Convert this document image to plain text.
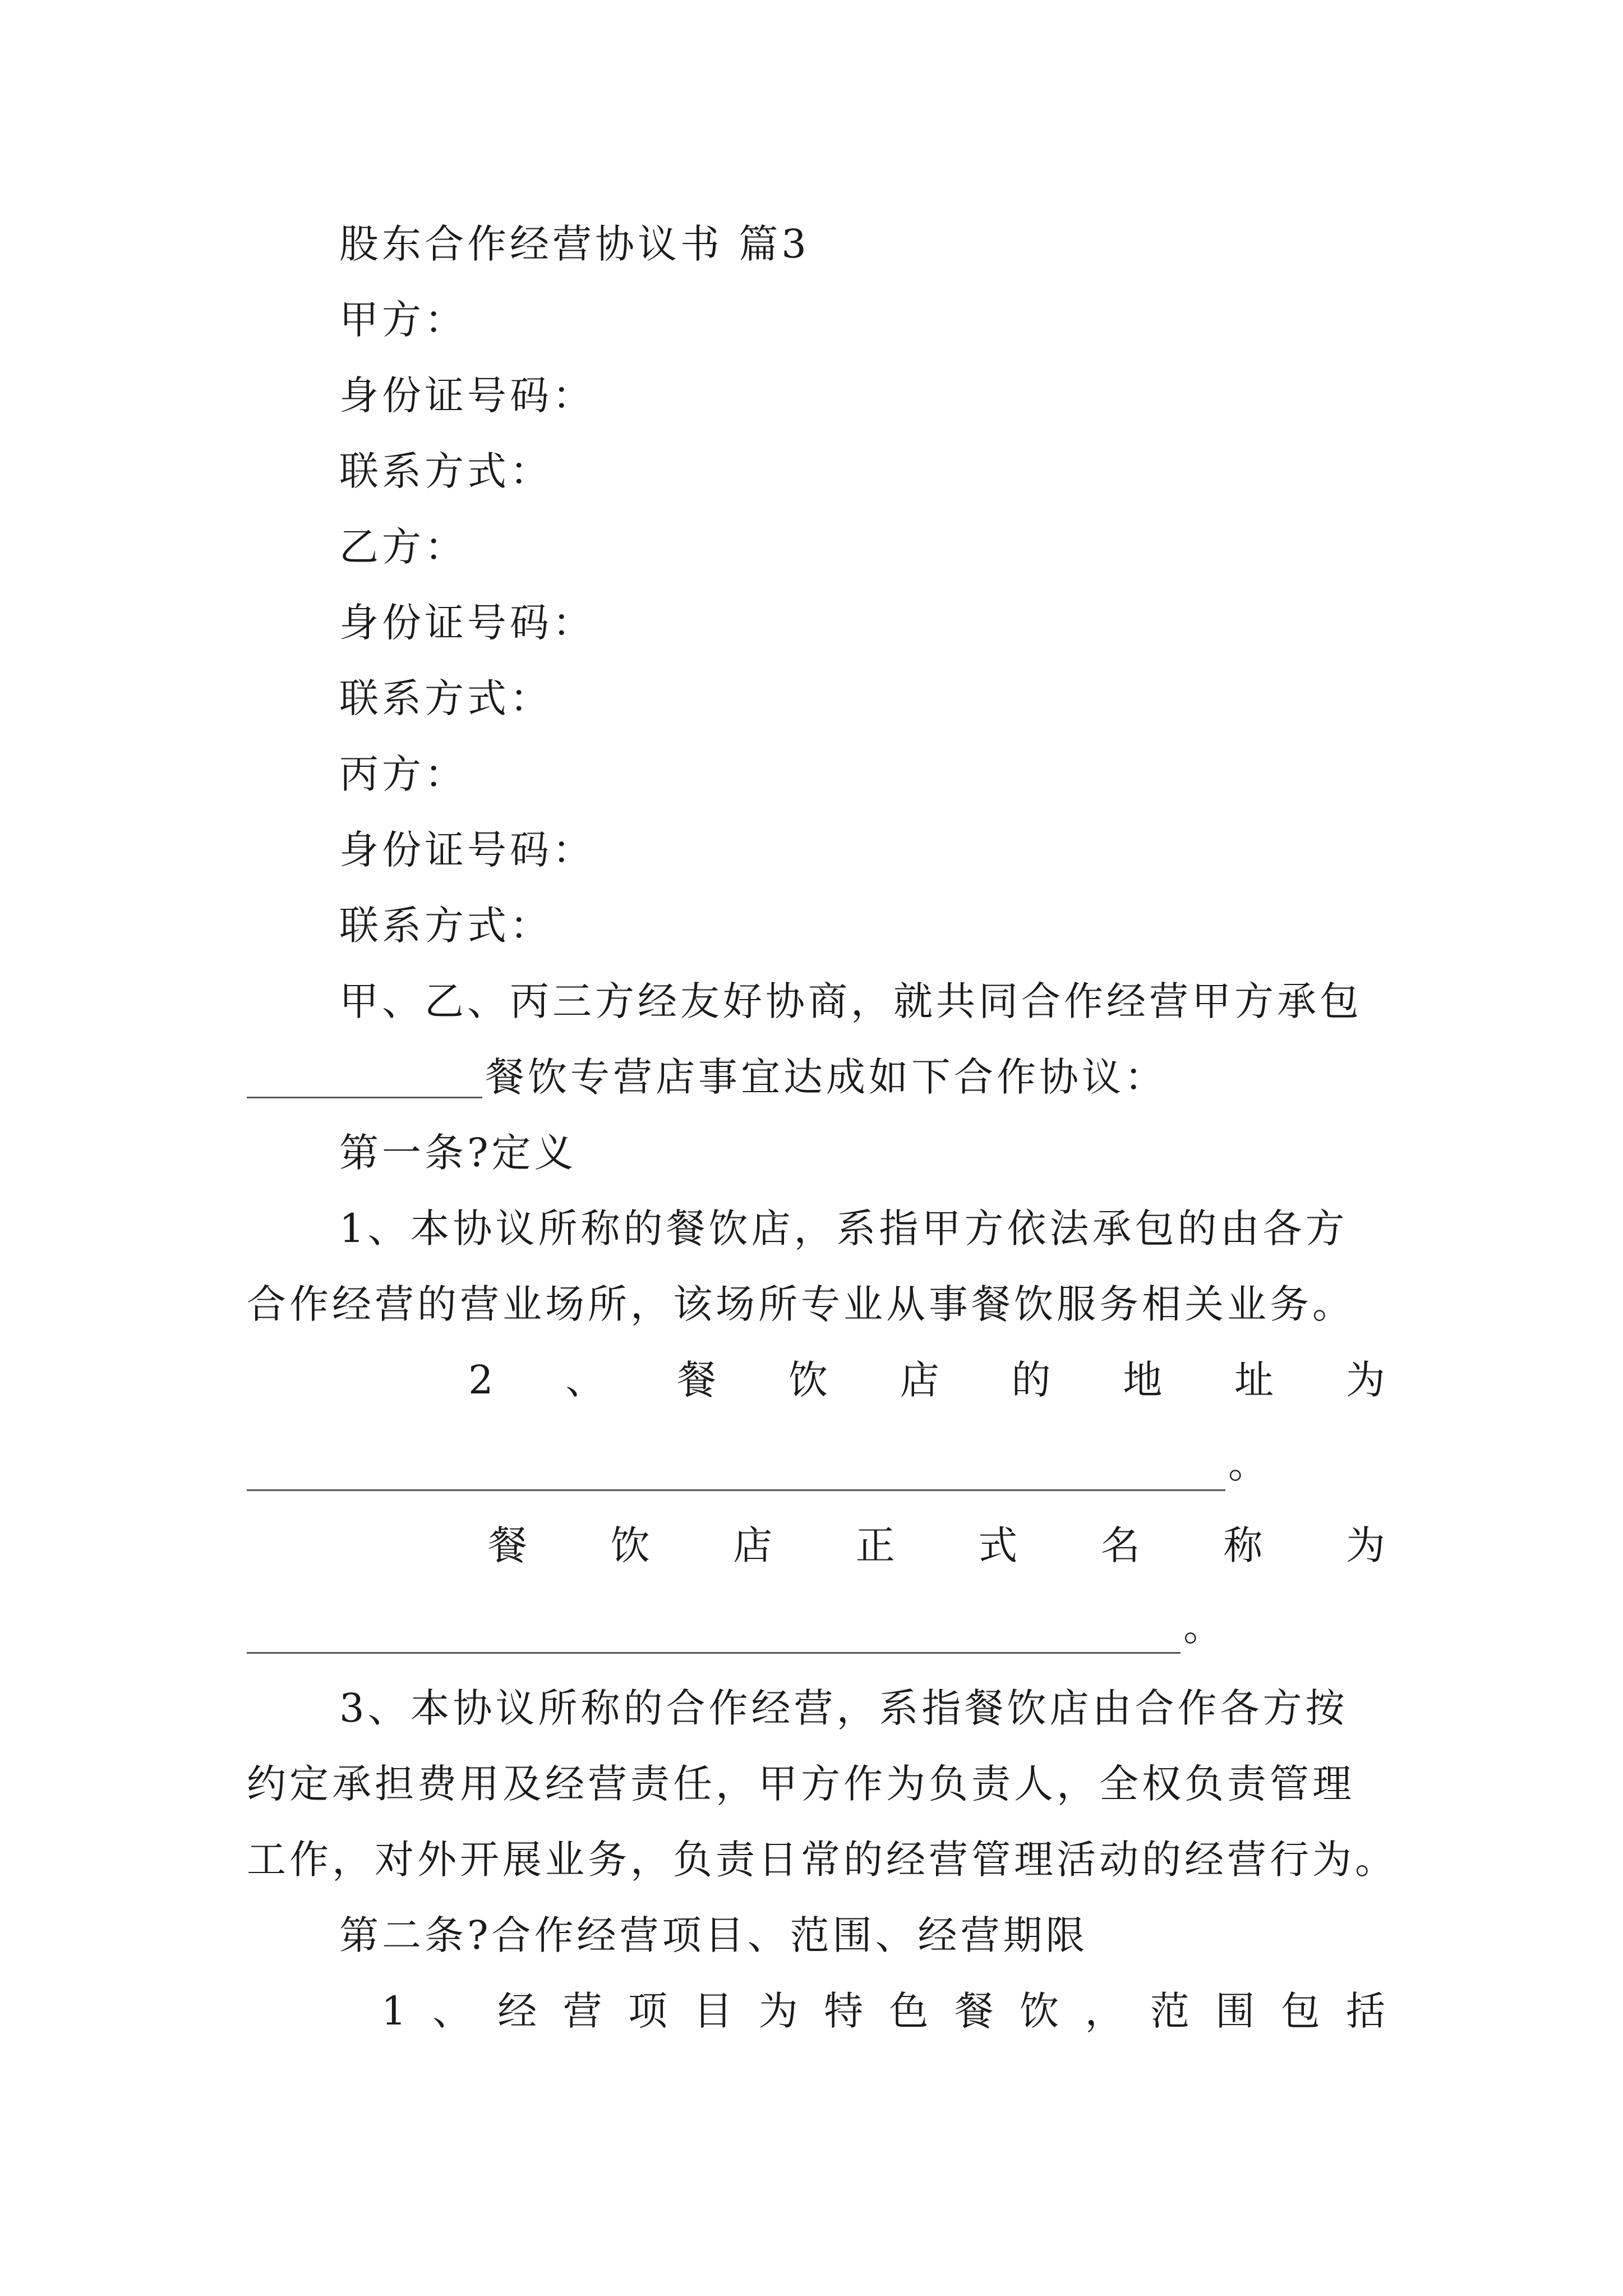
股东合作经营协议书 篇3
甲方：
身份证号码：
联系方式：
乙方：
身份证号码：
联系方式：
丙方：
身份证号码：
联系方式：
甲、乙、丙三方经友好协商，就共同合作经营甲方承包
餐饮专营店事宜达成如下合作协议：
第一条?定义
1、本协议所称的餐饮店，系指甲方依法承包的由各方
合作经营的营业场所，该场所专业从事餐饮服务相关业务。
2 、 餐 饮 店 的 地 址 为
。
餐 饮 店 正 式 名 称 为
。
3、本协议所称的合作经营，系指餐饮店由合作各方按
约定承担费用及经营责任，甲方作为负责人，全权负责管理
工作，对外开展业务，负责日常的经营管理活动的经营行为。
第二条?合作经营项目、范围、经营期限
1 、 经 营 项 目 为 特 色 餐 饮 ， 范 围 包 括
